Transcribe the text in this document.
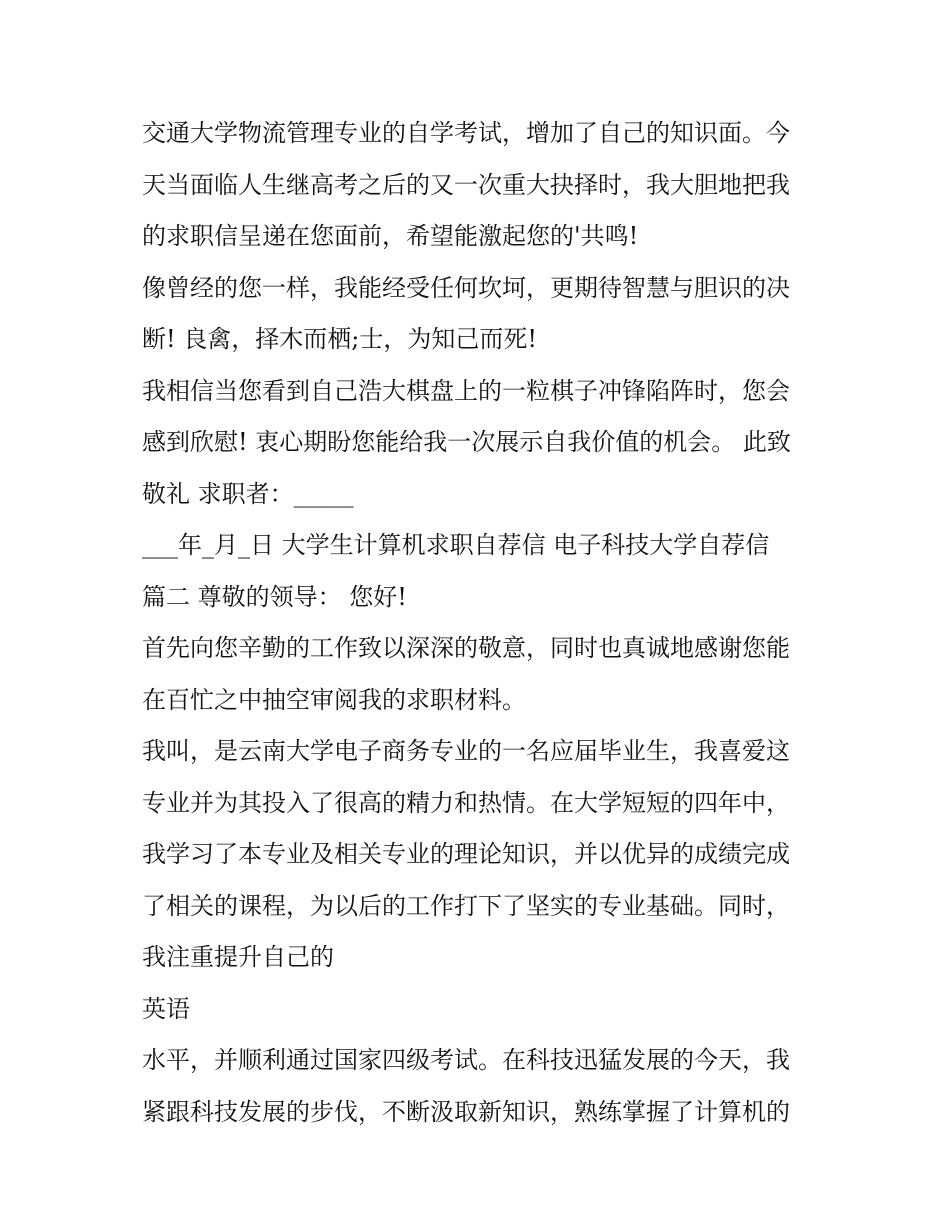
交通大学物流管理专业的自学考试，增加了自己的知识面。今
天当面临人生继高考之后的又一次重大抉择时，我大胆地把我
的求职信呈递在您面前，希望能激起您的'共鸣!
像曾经的您一样，我能经受任何坎坷，更期待智慧与胆识的决
断! 良禽，择木而栖;士，为知己而死!
我相信当您看到自己浩大棋盘上的一粒棋子冲锋陷阵时，您会
感到欣慰! 衷心期盼您能给我一次展示自我价值的机会。 此致
敬礼 求职者：_____
___年_月_日 大学生计算机求职自荐信 电子科技大学自荐信
篇二 尊敬的领导： 您好!
首先向您辛勤的工作致以深深的敬意，同时也真诚地感谢您能
在百忙之中抽空审阅我的求职材料。
我叫，是云南大学电子商务专业的一名应届毕业生，我喜爱这
专业并为其投入了很高的精力和热情。在大学短短的四年中，
我学习了本专业及相关专业的理论知识，并以优异的成绩完成
了相关的课程，为以后的工作打下了坚实的专业基础。同时，
我注重提升自己的
英语
水平，并顺利通过国家四级考试。在科技迅猛发展的今天，我
紧跟科技发展的步伐，不断汲取新知识，熟练掌握了计算机的
